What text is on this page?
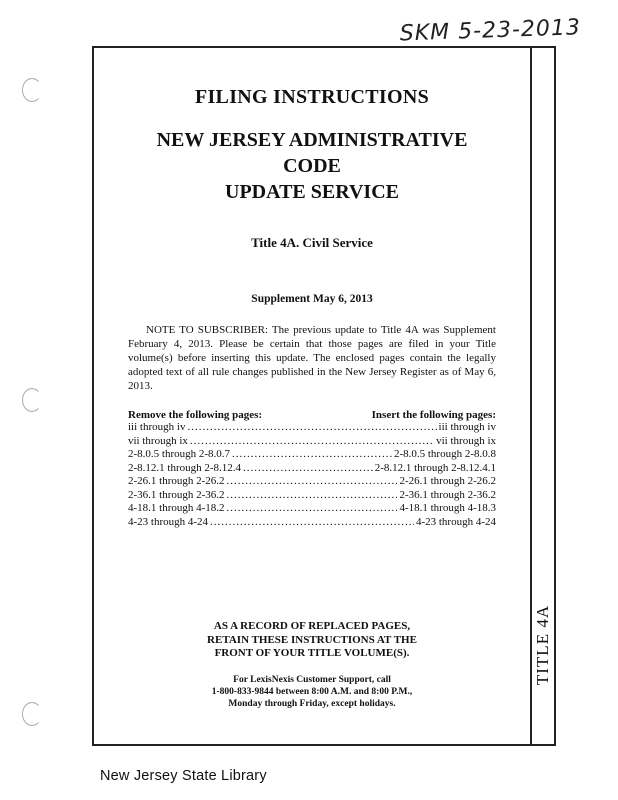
SKM 5-23-2013
TITLE 4A
FILING INSTRUCTIONS
NEW JERSEY ADMINISTRATIVE CODE
UPDATE SERVICE
Title 4A. Civil Service
Supplement May 6, 2013

NOTE TO SUBSCRIBER: The previous update to Title 4A was Supplement February 4, 2013. Please be certain that those pages are filed in your Title volume(s) before inserting this update. The enclosed pages contain the legally adopted text of all rule changes published in the New Jersey Register as of May 6, 2013.

Remove the following pages:	Insert the following pages:
iii through iv .....	iii through iv
vii through ix .....	vii through ix
2-8.0.5 through 2-8.0.7 .....	2-8.0.5 through 2-8.0.8
2-8.12.1 through 2-8.12.4 .....	2-8.12.1 through 2-8.12.4.1
2-26.1 through 2-26.2 .....	2-26.1 through 2-26.2
2-36.1 through 2-36.2 .....	2-36.1 through 2-36.2
4-18.1 through 4-18.2 .....	4-18.1 through 4-18.3
4-23 through 4-24 .....	4-23 through 4-24
AS A RECORD OF REPLACED PAGES,
RETAIN THESE INSTRUCTIONS AT THE
FRONT OF YOUR TITLE VOLUME(S).
For LexisNexis Customer Support, call
1-800-833-9844 between 8:00 A.M. and 8:00 P.M.,
Monday through Friday, except holidays.
New Jersey State Library
